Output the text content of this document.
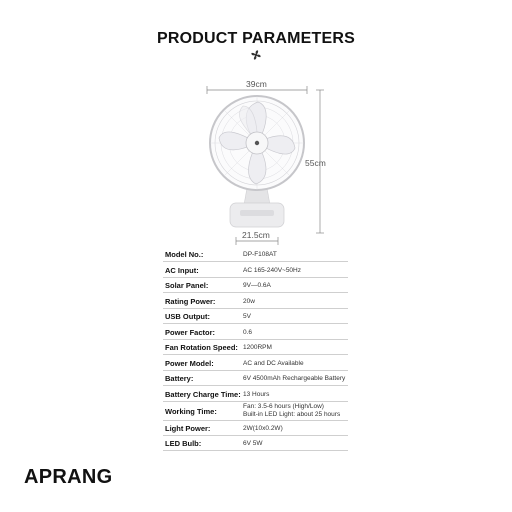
PRODUCT PARAMETERS
39cm
55cm
21.5cm
Model No.:	DP-F108AT
AC Input:	AC 165-240V~50Hz
Solar Panel:	9V—0.6A
Rating Power:	20w
USB Output:	5V
Power Factor:	0.6
Fan Rotation Speed: 1200RPM
Power Model:	AC and DC Available
Battery:	6V 4500mAh Rechargeable Battery
Battery Charge Time: 13 Hours
Working Time:
Fan: 3.5-6 hours (High/Low)
Built-in LED Light: about 25 hours
Light Power:	2W(10x0.2W)
LED Bulb:	6V 5W
APRANG
